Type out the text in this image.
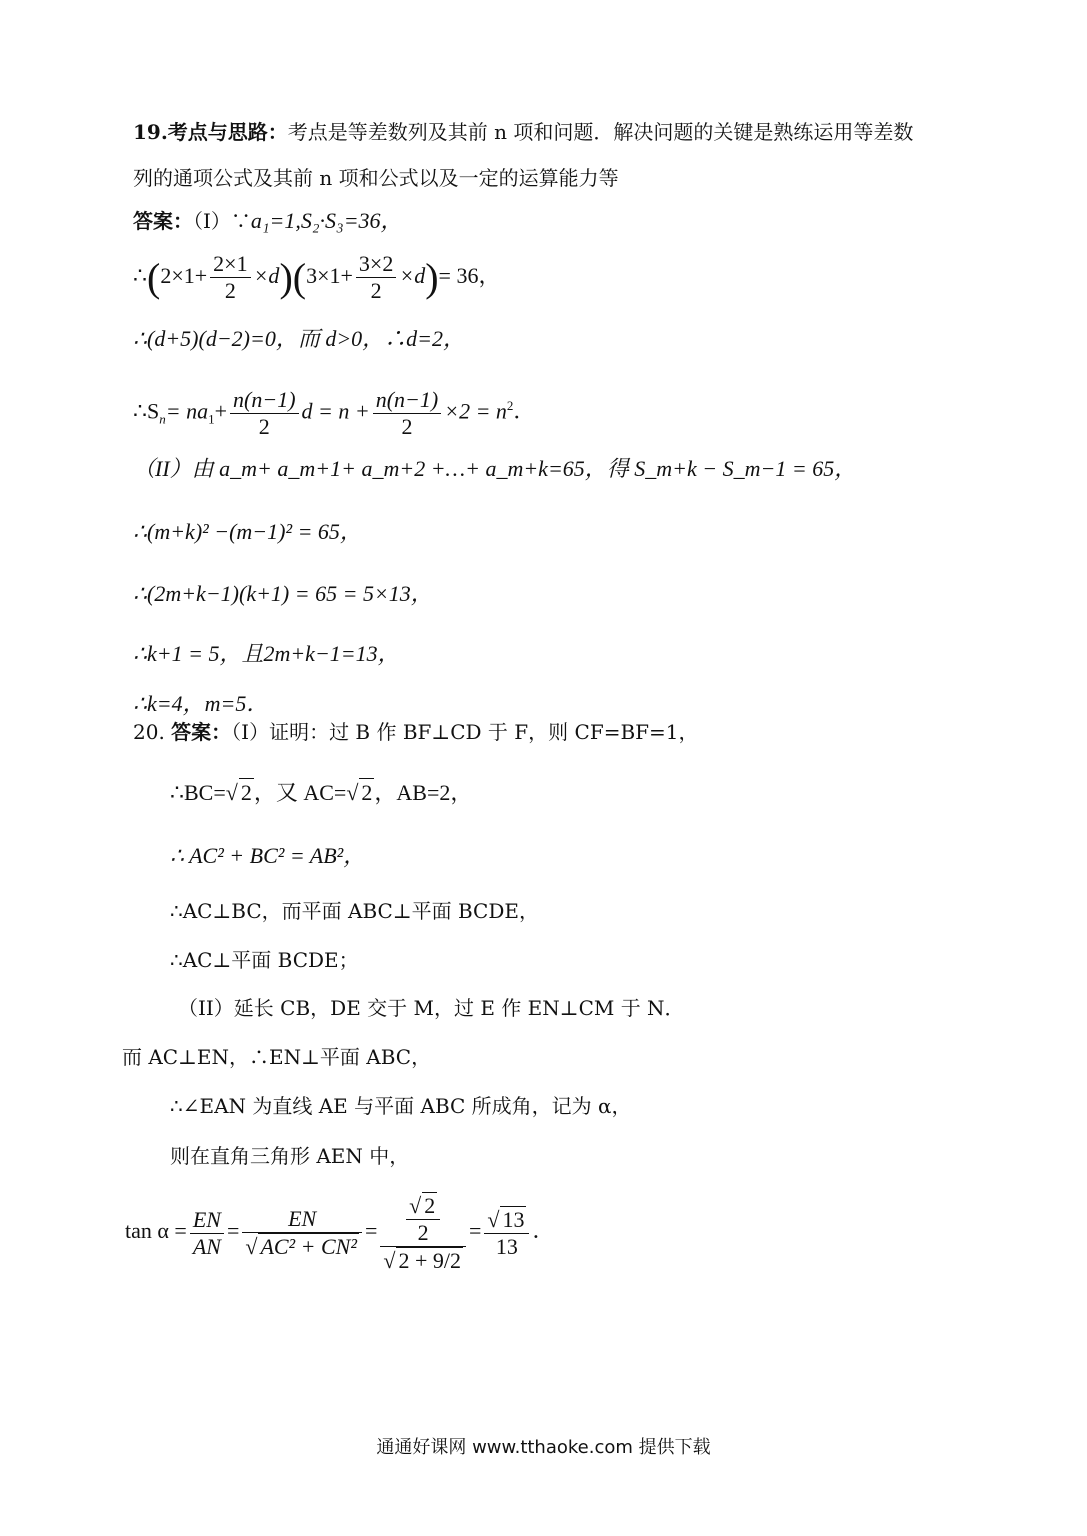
19.考点与思路：考点是等差数列及其前 n 项和问题．解决问题的关键是熟练运用等差数
列的通项公式及其前 n 项和公式以及一定的运算能力等
答案：（I）∵a₁=1,S₂·S₃=36，
∴(2×1+ $\frac{2\times 1}{2} \times d)(3\times 1+ \frac{3\times 2}{2} \times d)= 36$，
∴(d+5)(d−2)=0，而 d>0，∴d=2，
$\therefore S_n= na_1+ \frac{n(n-1)}{2}$ $d = n + \frac{n(n-1)}{2} \times 2 = n^2$．
（II）由 a_m+ a_m+1+ a_m+2 +…+ a_m+k=65，得 S_m+k − S_m−1 = 65，
∴(m+k)² −(m−1)² = 65，
∴(2m+k−1)(k+1) = 65 = 5×13，
∴k+1 = 5，且2m+k−1=13，
∴k=4，m=5．
20. 答案：（I）证明：过 B 作 BF⊥CD 于 F，则 CF=BF=1，
∴BC=√ 2，又 AC=√ 2，AB=2，
∴ AC² + BC² = AB²，
∴AC⊥BC，而平面 ABC⊥平面 BCDE，
∴AC⊥平面 BCDE；
（II）延长 CB，DE 交于 M，过 E 作 EN⊥CM 于 N．
而 AC⊥EN，∴EN⊥平面 ABC，
∴∠EAN 为直线 AE 与平面 ABC 所成角，记为 α，
则在直角三角形 AEN 中，
$\tan \alpha = \frac{EN}{AN} = \frac{EN}{\text{√ AC² + CN²}} = \frac{\frac{√ 2}{2}}{√ 2 + 9/2} = \frac{√ 13}{13}$ ．
通通好课网 www.tthaoke.com 提供下载
